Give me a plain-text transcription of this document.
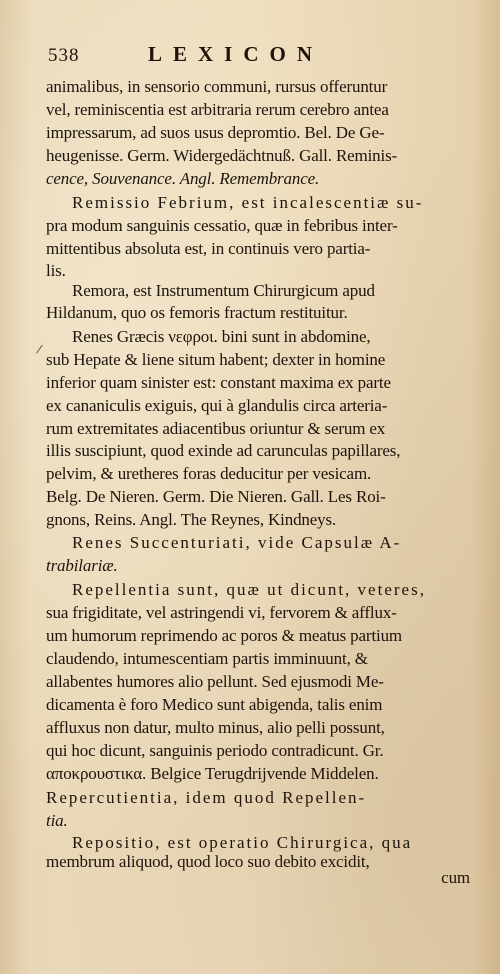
538	LEXICON
animalibus, in sensorio communi, rursus offeruntur
vel, reminiscentia est arbitraria rerum cerebro antea
impressarum, ad suos usus depromtio. Bel. De Ge-
heugenisse. Germ. Widergedächtnuß. Gall. Reminis-
cence, Souvenance. Angl. Remembrance.
Remissio Febrium, est incalescentiæ su-
pra modum sanguinis cessatio, quæ in febribus inter-
mittentibus absoluta est, in continuis vero partia-
lis.
Remora, est Instrumentum Chirurgicum apud
Hildanum, quo os femoris fractum restituitur.
Renes Græcis νεφροι. bini sunt in abdomine,
sub Hepate & liene situm habent; dexter in homine
inferior quam sinister est: constant maxima ex parte
ex cananiculis exiguis, qui à glandulis circa arteria-
rum extremitates adiacentibus oriuntur & serum ex
illis suscipiunt, quod exinde ad carunculas papillares,
pelvim, & uretheres foras deducitur per vesicam.
Belg. De Nieren. Germ. Die Nieren. Gall. Les Roi-
gnons, Reins. Angl. The Reynes, Kindneys.
Renes Succenturiati, vide Capsulæ A-
trabilariæ.
Repellentia sunt, quæ ut dicunt, veteres,
sua frigiditate, vel astringendi vi, fervorem & afflux-
um humorum reprimendo ac poros & meatus partium
claudendo, intumescentiam partis imminuunt, &
allabentes humores alio pellunt. Sed ejusmodi Me-
dicamenta è foro Medico sunt abigenda, talis enim
affluxus non datur, multo minus, alio pelli possunt,
qui hoc dicunt, sanguinis periodo contradicunt. Gr.
αποκρουστικα. Belgice Terugdrijvende Middelen.
Repercutientia, idem quod Repellen-
tia.
Repositio, est operatio Chirurgica, qua
membrum aliquod, quod loco suo debito excidit,
cum
